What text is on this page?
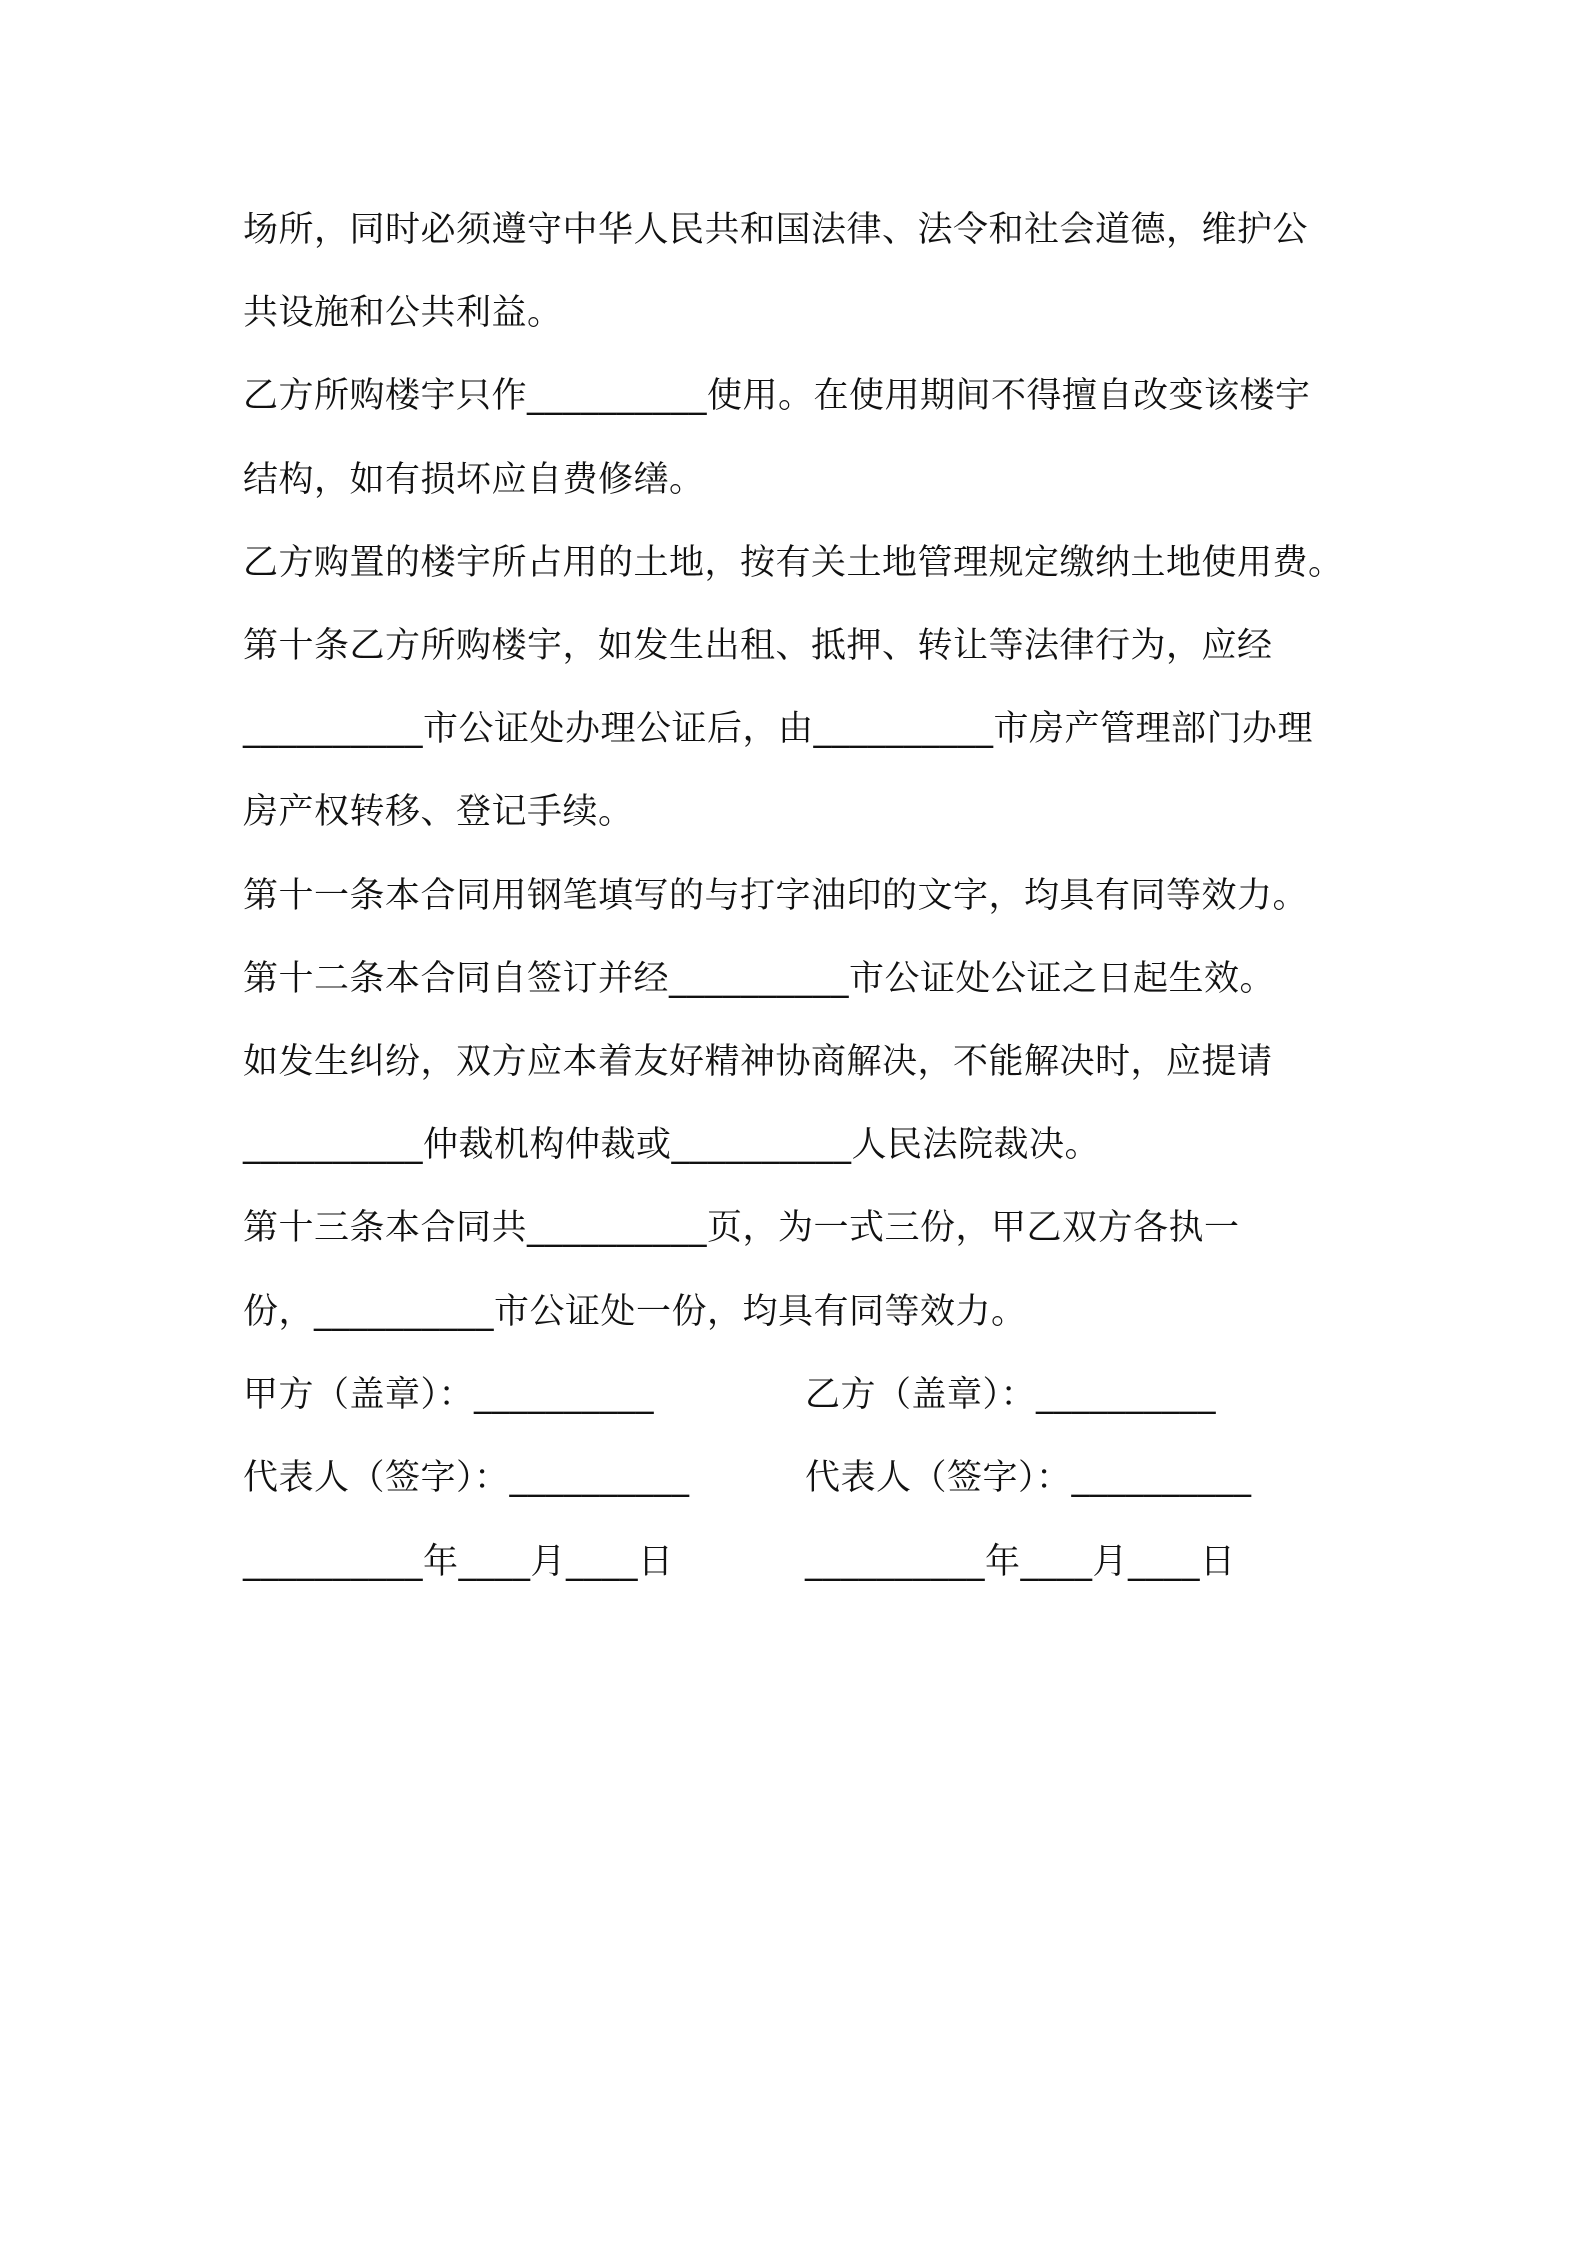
场所，同时必须遵守中华人民共和国法律、法令和社会道德，维护公
共设施和公共利益。
乙方所购楼宇只作__________使用。在使用期间不得擅自改变该楼宇
结构，如有损坏应自费修缮。
乙方购置的楼宇所占用的土地，按有关土地管理规定缴纳土地使用费。
第十条乙方所购楼宇，如发生出租、抵押、转让等法律行为，应经
__________市公证处办理公证后，由__________市房产管理部门办理
房产权转移、登记手续。
第十一条本合同用钢笔填写的与打字油印的文字，均具有同等效力。
第十二条本合同自签订并经__________市公证处公证之日起生效。
如发生纠纷，双方应本着友好精神协商解决，不能解决时，应提请
__________仲裁机构仲裁或__________人民法院裁决。
第十三条本合同共__________页，为一式三份，甲乙双方各执一
份，__________市公证处一份，均具有同等效力。
甲方（盖章）：__________	乙方（盖章）：__________
代表人（签字）：__________	代表人（签字）：__________
__________年____月____日	__________年____月____日
